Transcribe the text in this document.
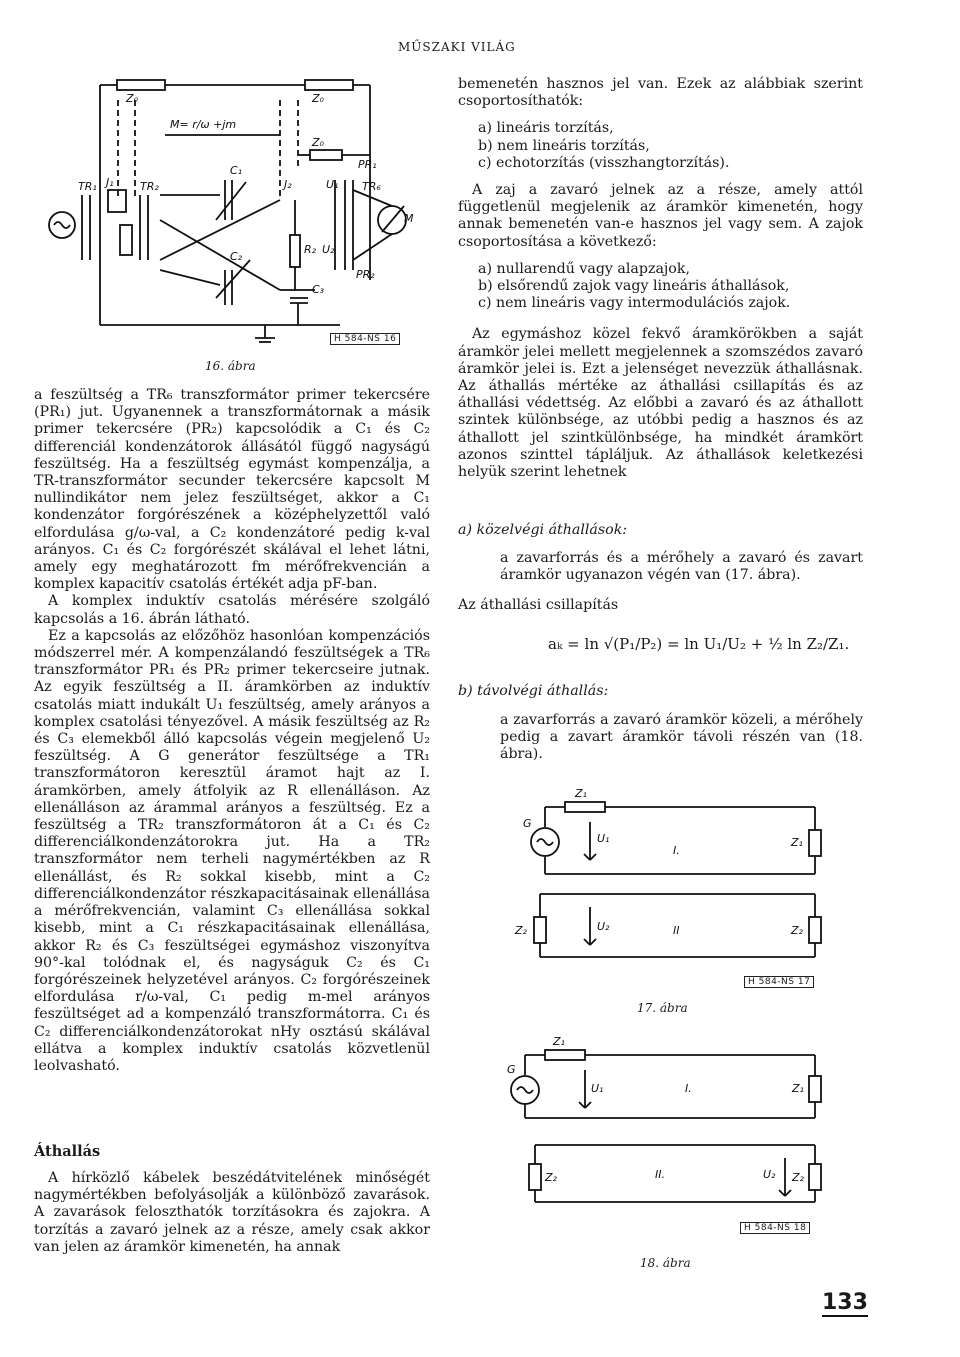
MŰSZAKI VILÁG
Z₀	Z₀
M= r/ω +jm
Z₀
TR₁ J₁ TR₂
C₁
J₂	U₁
PR₁
TR₆
M
C₂
R₂ U₂
PR₂
C₃
H 584-NS 16
16. ábra

a feszültség a TR₆ transzformátor primer tekercsére (PR₁) jut. Ugyanennek a transzformátornak a másik primer tekercsére (PR₂) kapcsolódik a C₁ és C₂ differenciál kondenzátorok állásától függő nagyságú feszültség. Ha a feszültség egymást kompenzálja, a TR-transzformátor secunder tekercsére kapcsolt M nullindikátor nem jelez feszültséget, akkor a C₁ kondenzátor forgórészének a középhelyzettől való elfordulása g/ω-val, a C₂ kondenzátoré pedig k-val arányos. C₁ és C₂ forgórészét skálával el lehet látni, amely egy meghatározott fm mérőfrekvencián a komplex kapacitív csatolás értékét adja pF-ban.

A komplex induktív csatolás mérésére szolgáló kapcsolás a 16. ábrán látható.

Ez a kapcsolás az előzőhöz hasonlóan kompenzációs módszerrel mér. A kompenzálandó feszültségek a TR₆ transzformátor PR₁ és PR₂ primer tekercseire jutnak. Az egyik feszültség a II. áramkörben az induktív csatolás miatt indukált U₁ feszültség, amely arányos a komplex csatolási tényezővel. A másik feszültség az R₂ és C₃ elemekből álló kapcsolás végein megjelenő U₂ feszültség. A G generátor feszültsége a TR₁ transzformátoron keresztül áramot hajt az I. áramkörben, amely átfolyik az R ellenálláson. Az ellenálláson az árammal arányos a feszültség. Ez a feszültség a TR₂ transzformátoron át a C₁ és C₂ differenciálkondenzátorokra jut. Ha a TR₂ transzformátor nem terheli nagymértékben az R ellenállást, és R₂ sokkal kisebb, mint a C₂ differenciálkondenzátor részkapacitásainak ellenállása a mérőfrekvencián, valamint C₃ ellenállása sokkal kisebb, mint a C₁ részkapacitásainak ellenállása, akkor R₂ és C₃ feszültségei egymáshoz viszonyítva 90°-kal tolódnak el, és nagyságuk C₂ és C₁ forgórészeinek helyzetével arányos. C₂ forgórészeinek elfordulása r/ω-val, C₁ pedig m-mel arányos feszültséget ad a kompenzáló transzformátorra. C₁ és C₂ differenciálkondenzátorokat nHy osztású skálával ellátva a komplex induktív csatolás közvetlenül leolvasható.

Áthallás

A hírközlő kábelek beszédátvitelének minőségét nagymértékben befolyásolják a különböző zavarások. A zavarások feloszthatók torzításokra és zajokra. A torzítás a zavaró jelnek az a része, amely csak akkor van jelen az áramkör kimenetén, ha annak

bemenetén hasznos jel van. Ezek az alábbiak szerint csoportosíthatók:

a) lineáris torzítás,
b) nem lineáris torzítás,
c) echotorzítás (visszhangtorzítás).

A zaj a zavaró jelnek az a része, amely attól függetlenül megjelenik az áramkör kimenetén, hogy annak bemenetén van-e hasznos jel vagy sem. A zajok csoportosítása a következő:

a) nullarendű vagy alapzajok,
b) elsőrendű zajok vagy lineáris áthallások,
c) nem lineáris vagy intermodulációs zajok.

Az egymáshoz közel fekvő áramkörökben a saját áramkör jelei mellett megjelennek a szomszédos zavaró áramkör jelei is. Ezt a jelenséget nevezzük áthallásnak. Az áthallás mértéke az áthallási csillapítás és az áthallási védettség. Az előbbi a zavaró és az áthallott szintek különbsége, az utóbbi pedig a hasznos és az áthallott jel szintkülönbsége, ha mindkét áramkört azonos szinttel tápláljuk. Az áthallások keletkezési helyük szerint lehetnek

a) közelvégi áthallások:
a zavarforrás és a mérőhely a zavaró és zavart áramkör ugyanazon végén van (17. ábra).
Az áthallási csillapítás
aₖ = ln √(P₁/P₂) = ln U₁/U₂ + ½ ln Z₂/Z₁.
b) távolvégi áthallás:
a zavarforrás a zavaró áramkör közeli, a mérőhely pedig a zavart áramkör távoli részén van (18. ábra).
Z₁
G
U₁
I.
Z₁
Z₂	U₂	II	Z₂
H 584-NS 17
17. ábra
Z₁
G
U₁	I.	Z₁
Z₂	II.	U₂ Z₂
H 584-NS 18
18. ábra
133
